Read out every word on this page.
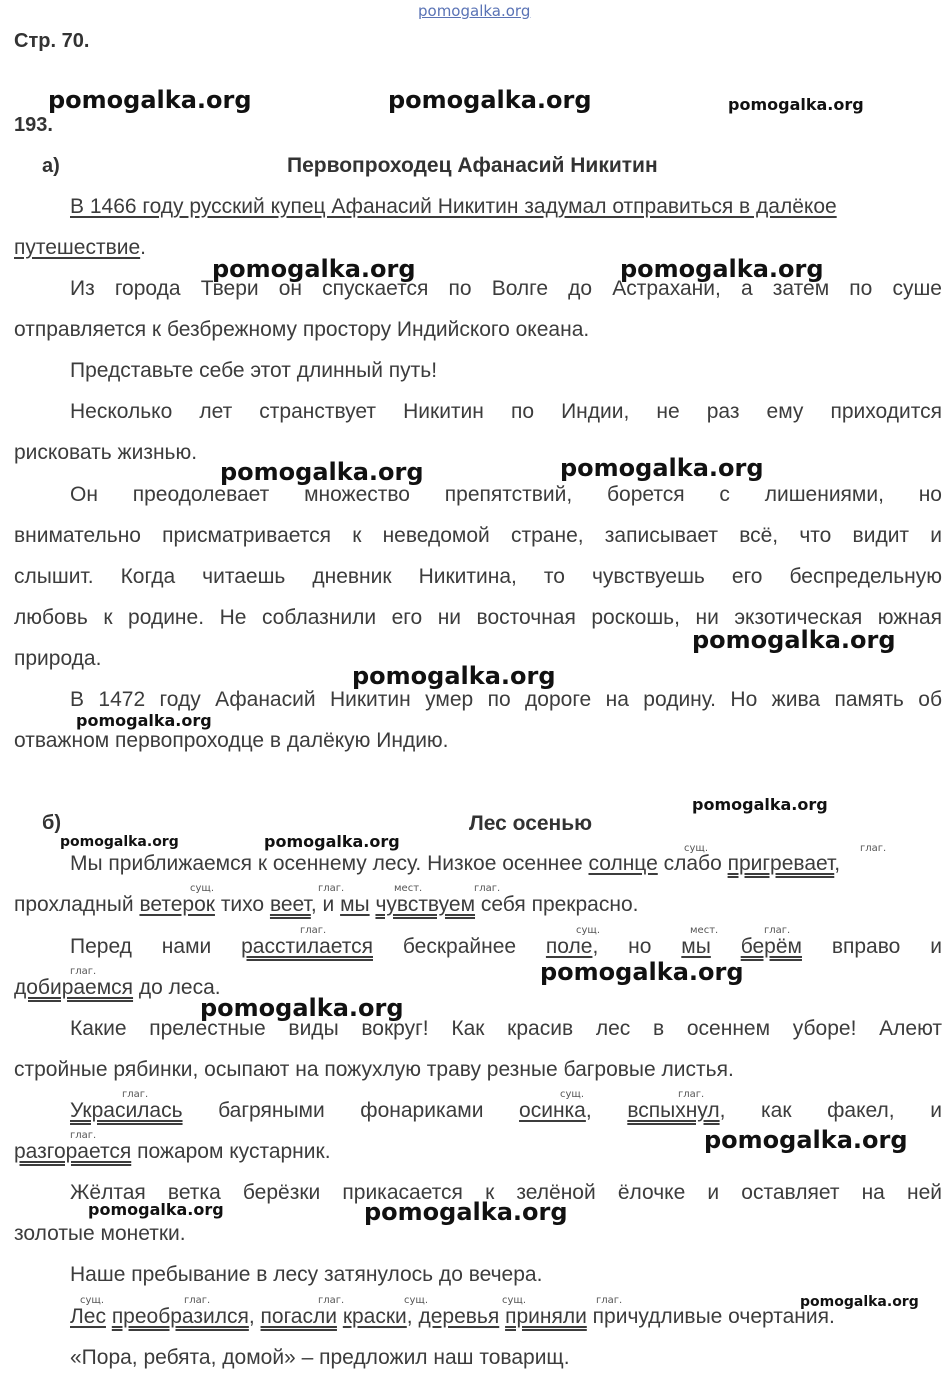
pomogalka.org
Стр. 70.
193.
а)	Первопроходец Афанасий Никитин
В 1466 году русский купец Афанасий Никитин задумал отправиться в далёкое
путешествие.
Из города Твери он спускается по Волге до Астрахани, а затем по суше
отправляется к безбрежному простору Индийского океана.
Представьте себе этот длинный путь!
Несколько лет странствует Никитин по Индии, не раз ему приходится
рисковать жизнью.
Он преодолевает множество препятствий, борется с лишениями, но
внимательно присматривается к неведомой стране, записывает всё, что видит и
слышит. Когда читаешь дневник Никитина, то чувствуешь его беспредельную
любовь к родине. Не соблазнили его ни восточная роскошь, ни экзотическая южная
природа.
В 1472 году Афанасий Никитин умер по дороге на родину. Но жива память об
отважном первопроходце в далёкую Индию.
б)	Лес осенью
сущ.	глаг.
Мы приближаемся к осеннему лесу. Низкое осеннее солнце слабо пригревает,
сущ.	глаг.	мест.	глаг.
прохладный ветерок тихо веет, и мы чувствуем себя прекрасно.
глаг.	сущ.	мест.	глаг.
Перед нами расстилается бескрайнее поле, но мы берём вправо и
глаг.
добираемся до леса.
Какие прелестные виды вокруг! Как красив лес в осеннем уборе! Алеют
стройные рябинки, осыпают на пожухлую траву резные багровые листья.
глаг.	сущ.	глаг.
Украсилась багряными фонариками осинка, вспыхнул, как факел, и
глаг.
разгорается пожаром кустарник.
Жёлтая ветка берёзки прикасается к зелёной ёлочке и оставляет на ней
золотые монетки.
Наше пребывание в лесу затянулось до вечера.
сущ.	глаг.	глаг.	сущ.	сущ.	глаг.
Лес преобразился, погасли краски, деревья приняли причудливые очертания.
«Пора, ребята, домой» – предложил наш товарищ.
pomogalka.org	pomogalka.org	pomogalka.org
pomogalka.org	pomogalka.org
pomogalka.org	pomogalka.org
pomogalka.org
pomogalka.org
pomogalka.org
pomogalka.org
pomogalka.org	pomogalka.org
pomogalka.org
pomogalka.org
pomogalka.org
pomogalka.org	pomogalka.org
pomogalka.org
